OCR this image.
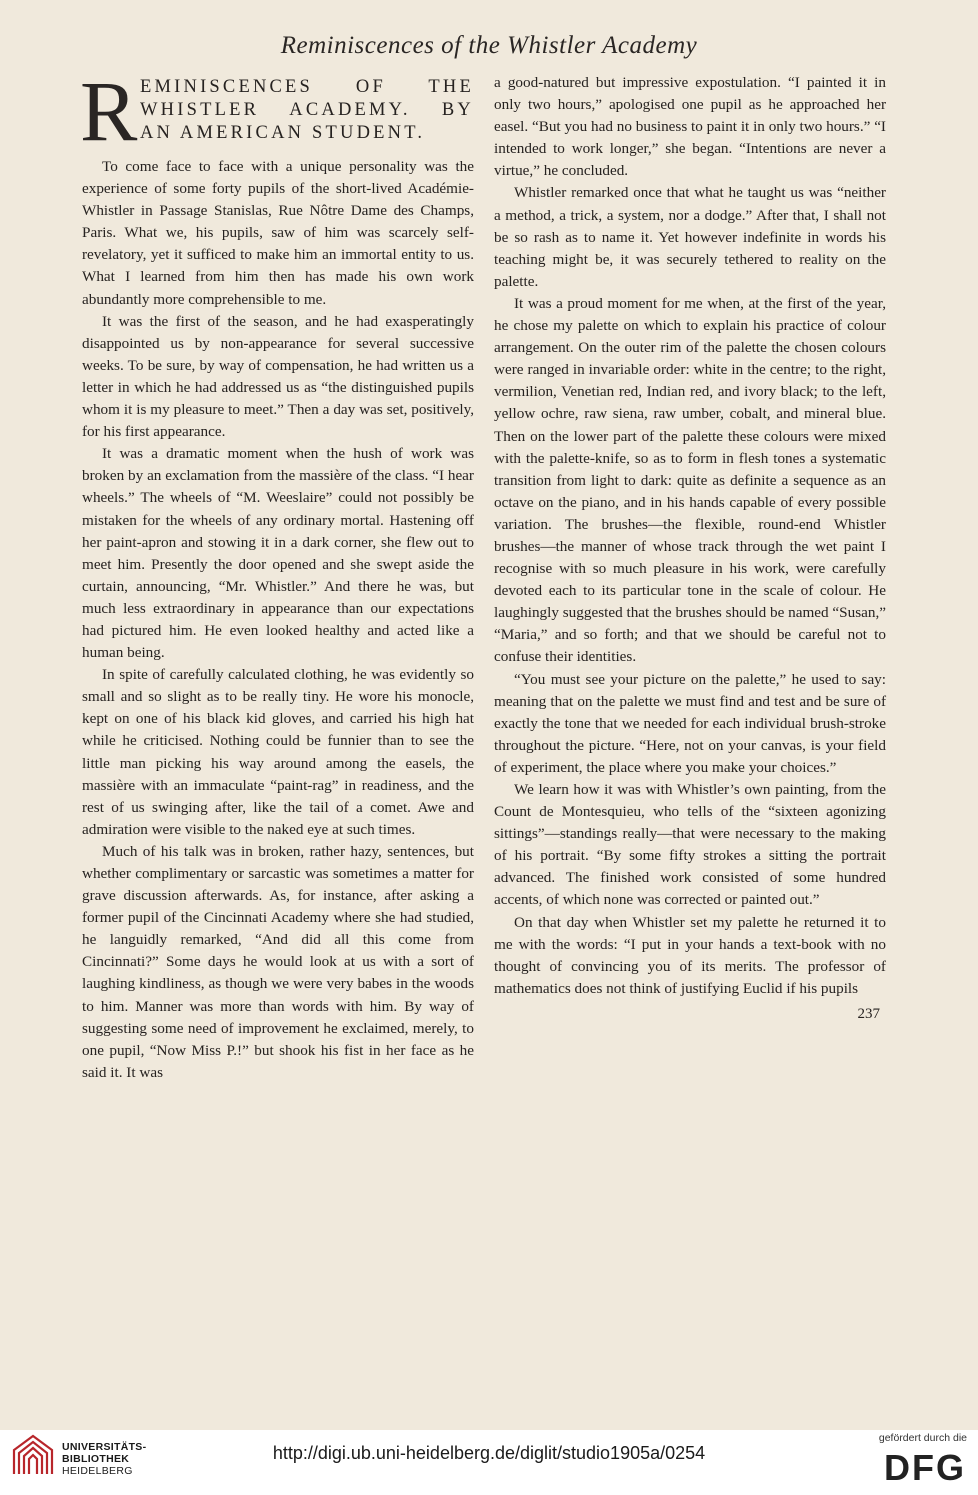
Reminiscences of the Whistler Academy
R EMINISCENCES OF THE
WHISTLER ACADEMY. BY
AN AMERICAN STUDENT.

To come face to face with a unique personality was the experience of some forty pupils of the short-lived Académie-Whistler in Passage Stanislas, Rue Nôtre Dame des Champs, Paris. What we, his pupils, saw of him was scarcely self-revelatory, yet it sufficed to make him an immortal entity to us. What I learned from him then has made his own work abundantly more comprehensible to me.

It was the first of the season, and he had exasperatingly disappointed us by non-appearance for several successive weeks. To be sure, by way of compensation, he had written us a letter in which he had addressed us as “the distinguished pupils whom it is my pleasure to meet.” Then a day was set, positively, for his first appearance.

It was a dramatic moment when the hush of work was broken by an exclamation from the massière of the class. “I hear wheels.” The wheels of “M. Weeslaire” could not possibly be mistaken for the wheels of any ordinary mortal. Hastening off her paint-apron and stowing it in a dark corner, she flew out to meet him. Presently the door opened and she swept aside the curtain, announcing, “Mr. Whistler.” And there he was, but much less extraordinary in appearance than our expectations had pictured him. He even looked healthy and acted like a human being.

In spite of carefully calculated clothing, he was evidently so small and so slight as to be really tiny. He wore his monocle, kept on one of his black kid gloves, and carried his high hat while he criticised. Nothing could be funnier than to see the little man picking his way around among the easels, the massière with an immaculate “paint-rag” in readiness, and the rest of us swinging after, like the tail of a comet. Awe and admiration were visible to the naked eye at such times.

Much of his talk was in broken, rather hazy, sentences, but whether complimentary or sarcastic was sometimes a matter for grave discussion afterwards. As, for instance, after asking a former pupil of the Cincinnati Academy where she had studied, he languidly remarked, “And did all this come from Cincinnati?” Some days he would look at us with a sort of laughing kindliness, as though we were very babes in the woods to him. Manner was more than words with him. By way of suggesting some need of improvement he exclaimed, merely, to one pupil, “Now Miss P.!” but shook his fist in her face as he said it. It was

a good-natured but impressive expostulation. “I painted it in only two hours,” apologised one pupil as he approached her easel. “But you had no business to paint it in only two hours.” “I intended to work longer,” she began. “Intentions are never a virtue,” he concluded.

Whistler remarked once that what he taught us was “neither a method, a trick, a system, nor a dodge.” After that, I shall not be so rash as to name it. Yet however indefinite in words his teaching might be, it was securely tethered to reality on the palette.

It was a proud moment for me when, at the first of the year, he chose my palette on which to explain his practice of colour arrangement. On the outer rim of the palette the chosen colours were ranged in invariable order: white in the centre; to the right, vermilion, Venetian red, Indian red, and ivory black; to the left, yellow ochre, raw siena, raw umber, cobalt, and mineral blue. Then on the lower part of the palette these colours were mixed with the palette-knife, so as to form in flesh tones a systematic transition from light to dark: quite as definite a sequence as an octave on the piano, and in his hands capable of every possible variation. The brushes—the flexible, round-end Whistler brushes—the manner of whose track through the wet paint I recognise with so much pleasure in his work, were carefully devoted each to its particular tone in the scale of colour. He laughingly suggested that the brushes should be named “Susan,” “Maria,” and so forth; and that we should be careful not to confuse their identities.

“You must see your picture on the palette,” he used to say: meaning that on the palette we must find and test and be sure of exactly the tone that we needed for each individual brush-stroke throughout the picture. “Here, not on your canvas, is your field of experiment, the place where you make your choices.”

We learn how it was with Whistler’s own painting, from the Count de Montesquieu, who tells of the “sixteen agonizing sittings”—standings really—that were necessary to the making of his portrait. “By some fifty strokes a sitting the portrait advanced. The finished work consisted of some hundred accents, of which none was corrected or painted out.”

On that day when Whistler set my palette he returned it to me with the words: “I put in your hands a text-book with no thought of convincing you of its merits. The professor of mathematics does not think of justifying Euclid if his pupils

237
UNIVERSITÄTS-
BIBLIOTHEK
HEIDELBERG
http://digi.ub.uni-heidelberg.de/diglit/studio1905a/0254
gefördert durch die
DFG
